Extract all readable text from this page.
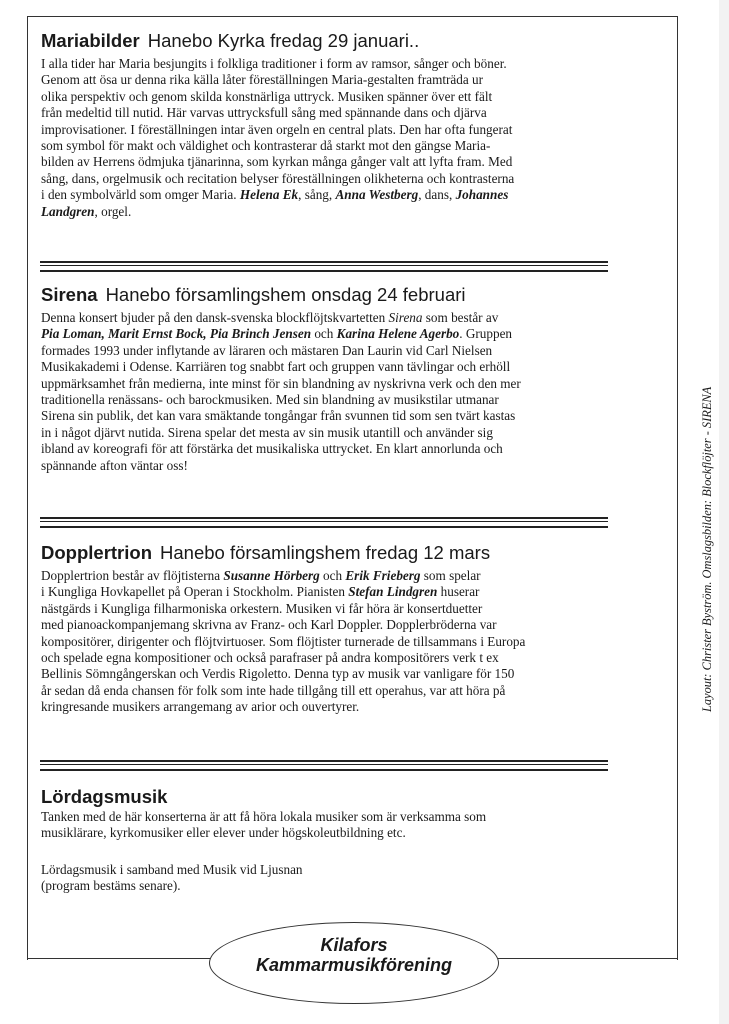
Mariabilder Hanebo Kyrka fredag 29 januari..
I alla tider har Maria besjungits i folkliga traditioner i form av ramsor, sånger och böner.
Genom att ösa ur denna rika källa låter föreställningen Maria-gestalten framträda ur
olika perspektiv och genom skilda konstnärliga uttryck. Musiken spänner över ett fält
från medeltid till nutid. Här varvas uttrycksfull sång med spännande dans och djärva
improvisationer. I föreställningen intar även orgeln en central plats. Den har ofta fungerat
som symbol för makt och väldighet och kontrasterar då starkt mot den gängse Maria-
bilden av Herrens ödmjuka tjänarinna, som kyrkan många gånger valt att lyfta fram. Med
sång, dans, orgelmusik och recitation belyser föreställningen olikheterna och kontrasterna
i den symbolvärld som omger Maria. Helena Ek, sång, Anna Westberg, dans, Johannes
Landgren, orgel.
Sirena Hanebo församlingshem onsdag 24 februari
Denna konsert bjuder på den dansk-svenska blockflöjtskvartetten Sirena som består av
Pia Loman, Marit Ernst Bock, Pia Brinch Jensen och Karina Helene Agerbo. Gruppen
formades 1993 under inflytande av läraren och mästaren Dan Laurin vid Carl Nielsen
Musikakademi i Odense. Karriären tog snabbt fart och gruppen vann tävlingar och erhöll
uppmärksamhet från medierna, inte minst för sin blandning av nyskrivna verk och den mer
traditionella renässans- och barockmusiken. Med sin blandning av musikstilar utmanar
Sirena sin publik, det kan vara smäktande tongångar från svunnen tid som sen tvärt kastas
in i något djärvt nutida. Sirena spelar det mesta av sin musik utantill och använder sig
ibland av koreografi för att förstärka det musikaliska uttrycket. En klart annorlunda och
spännande afton väntar oss!
Dopplertrion Hanebo församlingshem fredag 12 mars
Dopplertrion består av flöjtisterna Susanne Hörberg och Erik Frieberg som spelar
i Kungliga Hovkapellet på Operan i Stockholm. Pianisten Stefan Lindgren huserar
nästgärds i Kungliga filharmoniska orkestern. Musiken vi får höra är konsertduetter
med pianoackompanjemang skrivna av Franz- och Karl Doppler. Dopplerbröderna var
kompositörer, dirigenter och flöjtvirtuoser. Som flöjtister turnerade de tillsammans i Europa
och spelade egna kompositioner och också parafraser på andra kompositörers verk t ex
Bellinis Sömngångerskan och Verdis Rigoletto. Denna typ av musik var vanligare för 150
år sedan då enda chansen för folk som inte hade tillgång till ett operahus, var att höra på
kringresande musikers arrangemang av arior och ouvertyrer.
Lördagsmusik
Tanken med de här konserterna är att få höra lokala musiker som är verksamma som
musiklärare, kyrkomusiker eller elever under högskoleutbildning etc.
Lördagsmusik i samband med Musik vid Ljusnan
(program bestäms senare).
Layout: Christer Byström. Omslagsbilden: Blockflöjter - SIRENA
Kilafors
Kammarmusikförening
